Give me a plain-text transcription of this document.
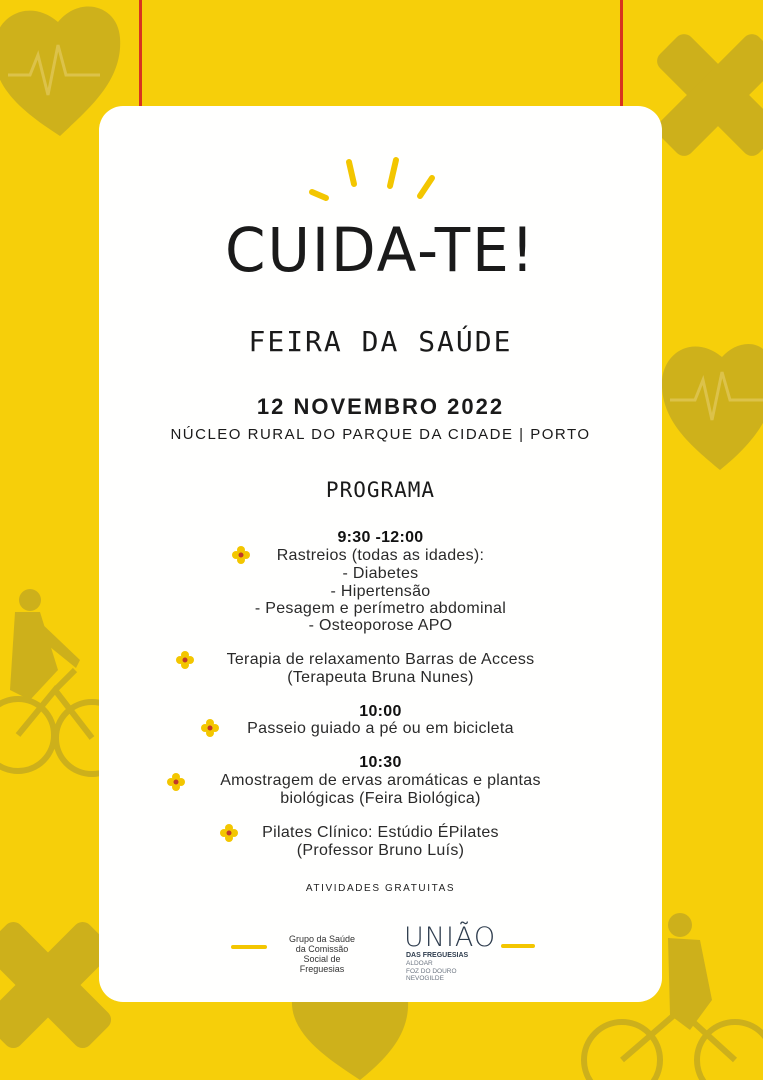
CUIDA-TE!
FEIRA DA SAÚDE
12 NOVEMBRO 2022
NÚCLEO RURAL DO PARQUE DA CIDADE | PORTO
PROGRAMA
9:30 -12:00
Rastreios (todas as idades):
- Diabetes
- Hipertensão
- Pesagem e perímetro abdominal
- Osteoporose APO
Terapia de relaxamento Barras de Access
(Terapeuta Bruna Nunes)
10:00
Passeio guiado a pé ou em bicicleta
10:30
Amostragem de ervas aromáticas e plantas
biológicas (Feira Biológica)
Pilates Clínico: Estúdio ÉPilates
(Professor Bruno Luís)
ATIVIDADES GRATUITAS
Grupo da Saúde
da Comissão
Social de
Freguesias
UNIÃO
DAS FREGUESIAS
ALDOAR
FOZ DO DOURO
NEVOGILDE
